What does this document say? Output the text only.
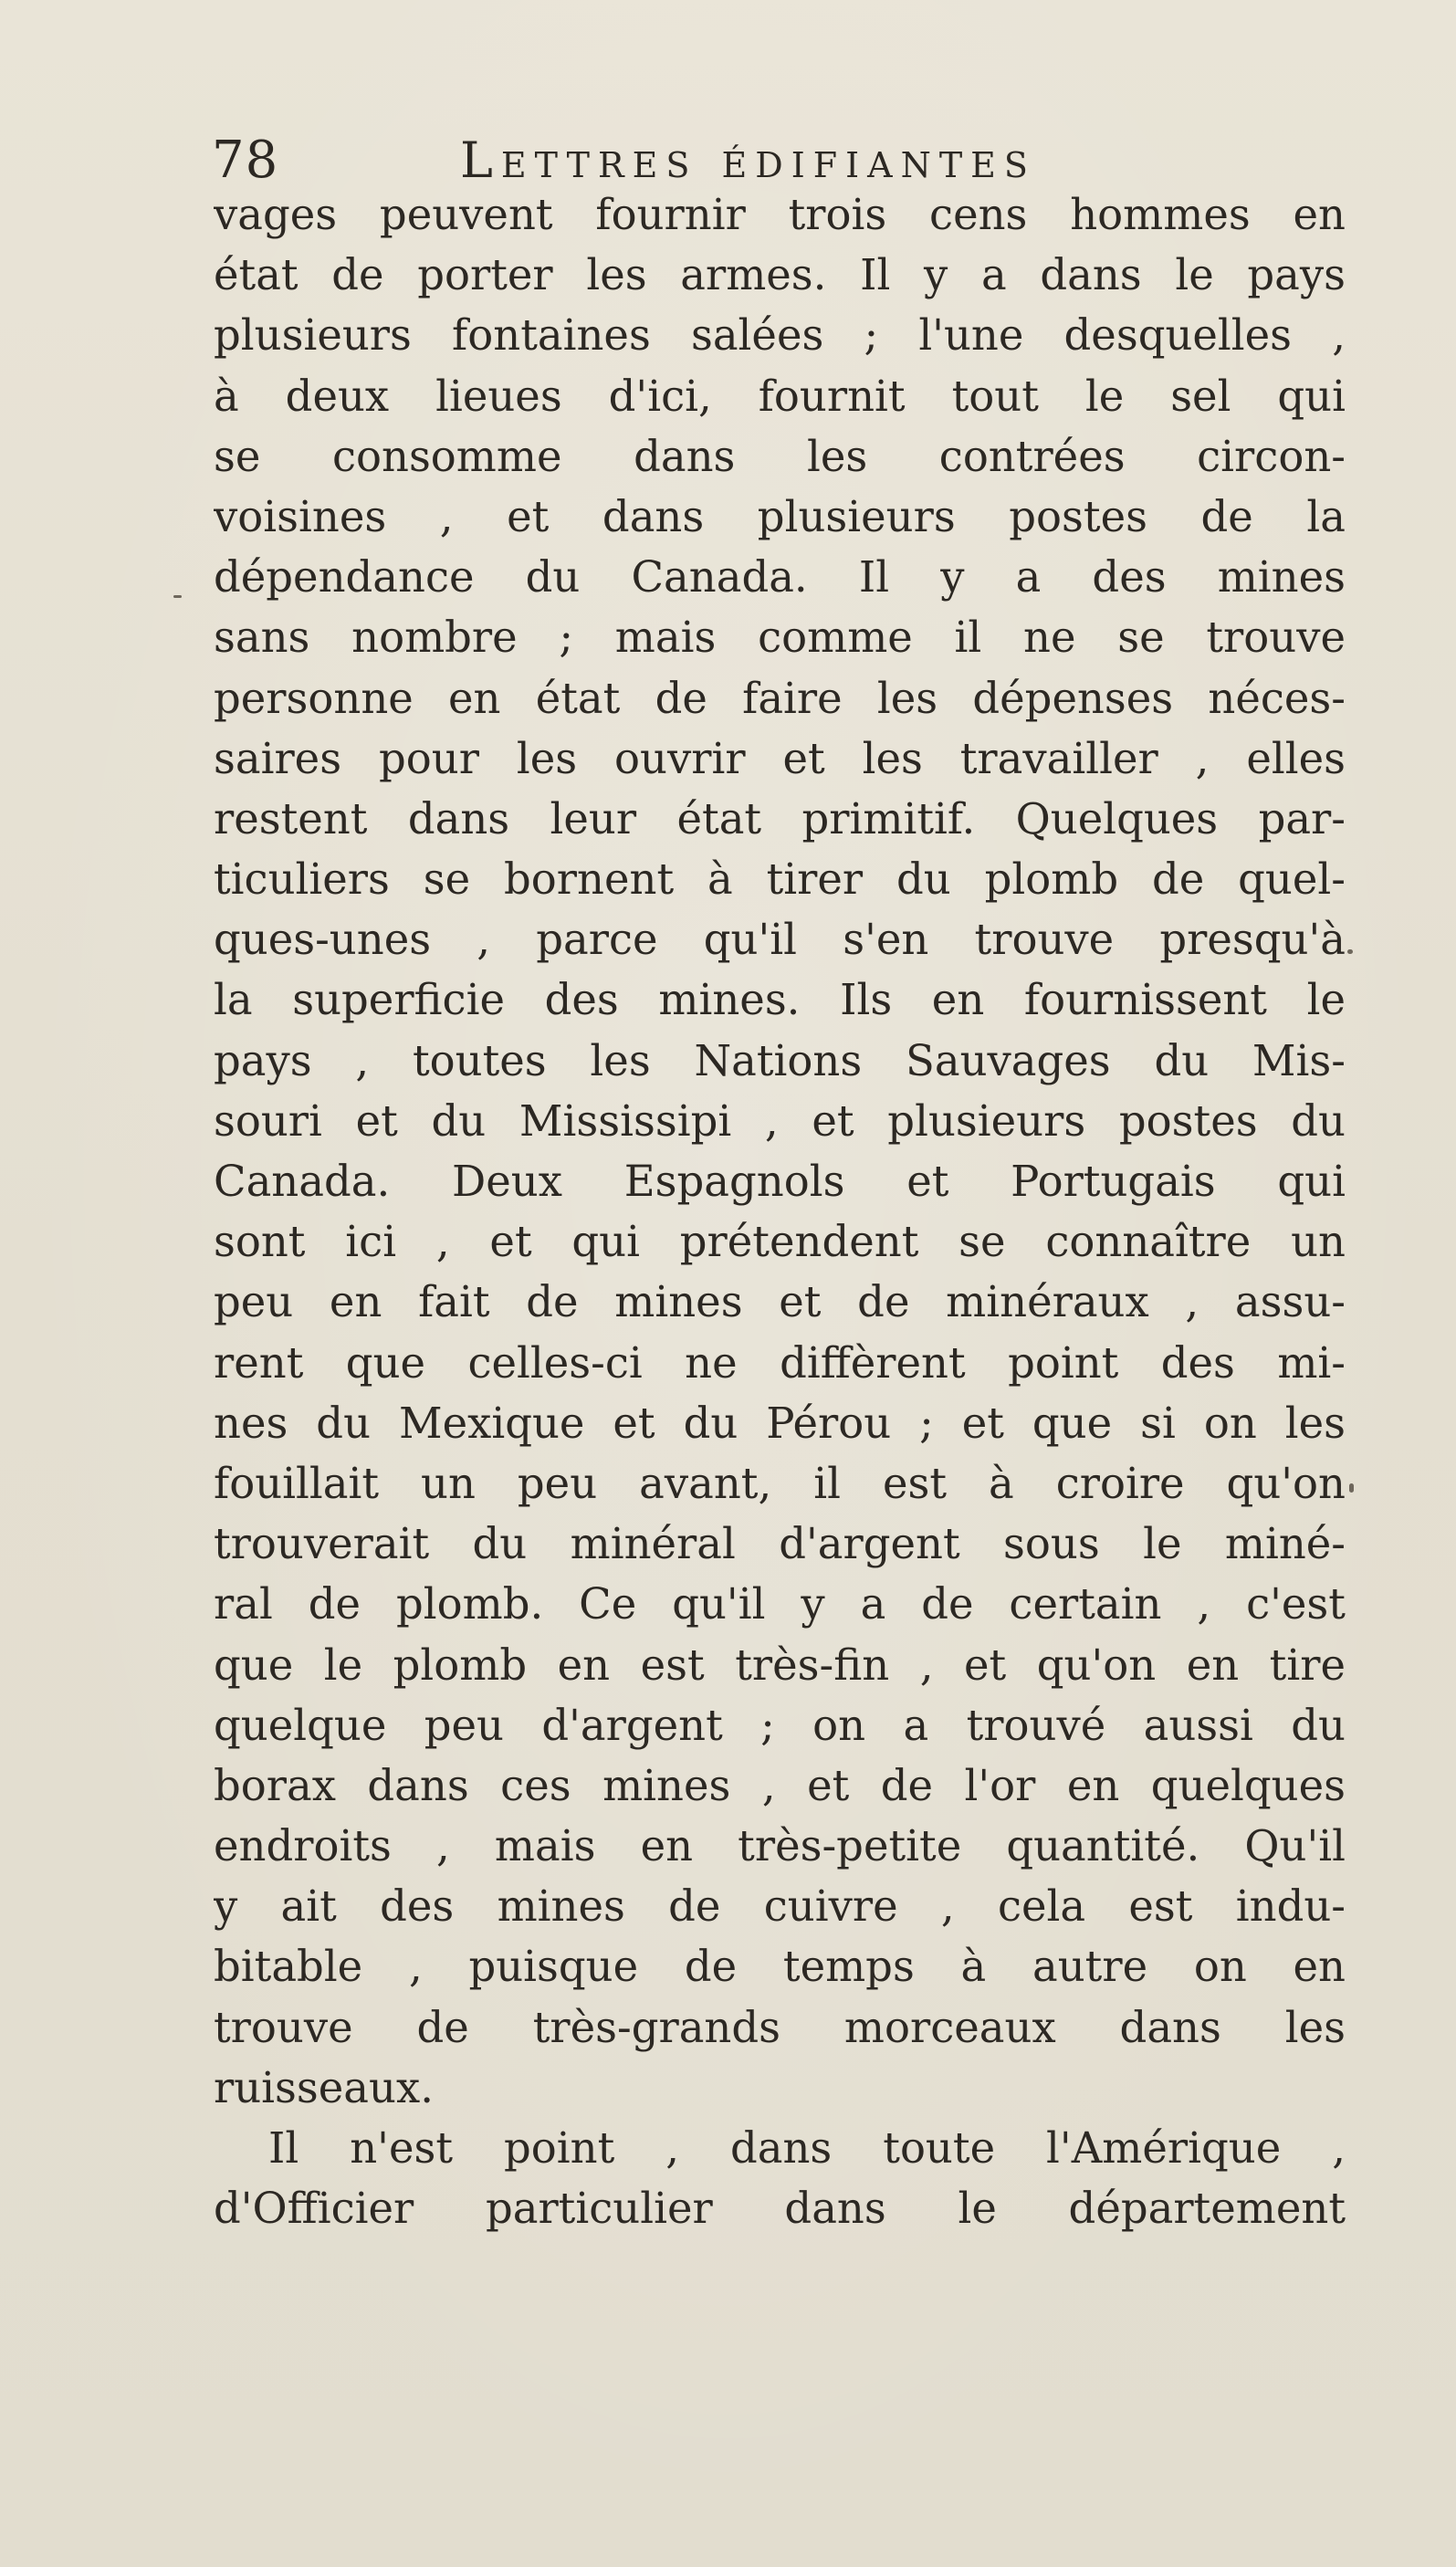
78	Lettres édifiantes
vages peuvent fournir trois cens hommes en
état de porter les armes. Il y a dans le pays
plusieurs fontaines salées ; l'une desquelles ,
à deux lieues d'ici, fournit tout le sel qui
se consomme dans les contrées circon-
voisines , et dans plusieurs postes de la
dépendance du Canada. Il y a des mines
sans nombre ; mais comme il ne se trouve
personne en état de faire les dépenses néces-
saires pour les ouvrir et les travailler , elles
restent dans leur état primitif. Quelques par-
ticuliers se bornent à tirer du plomb de quel-
ques-unes , parce qu'il s'en trouve presqu'à
la superficie des mines. Ils en fournissent le
pays , toutes les Nations Sauvages du Mis-
souri et du Mississipi , et plusieurs postes du
Canada. Deux Espagnols et Portugais qui
sont ici , et qui prétendent se connaître un
peu en fait de mines et de minéraux , assu-
rent que celles-ci ne diffèrent point des mi-
nes du Mexique et du Pérou ; et que si on les
fouillait un peu avant, il est à croire qu'on
trouverait du minéral d'argent sous le miné-
ral de plomb. Ce qu'il y a de certain , c'est
que le plomb en est très-fin , et qu'on en tire
quelque peu d'argent ; on a trouvé aussi du
borax dans ces mines , et de l'or en quelques
endroits , mais en très-petite quantité. Qu'il
y ait des mines de cuivre , cela est indu-
bitable , puisque de temps à autre on en
trouve de très-grands morceaux dans les
ruisseaux.
Il n'est point , dans toute l'Amérique ,
d'Officier particulier dans le département
